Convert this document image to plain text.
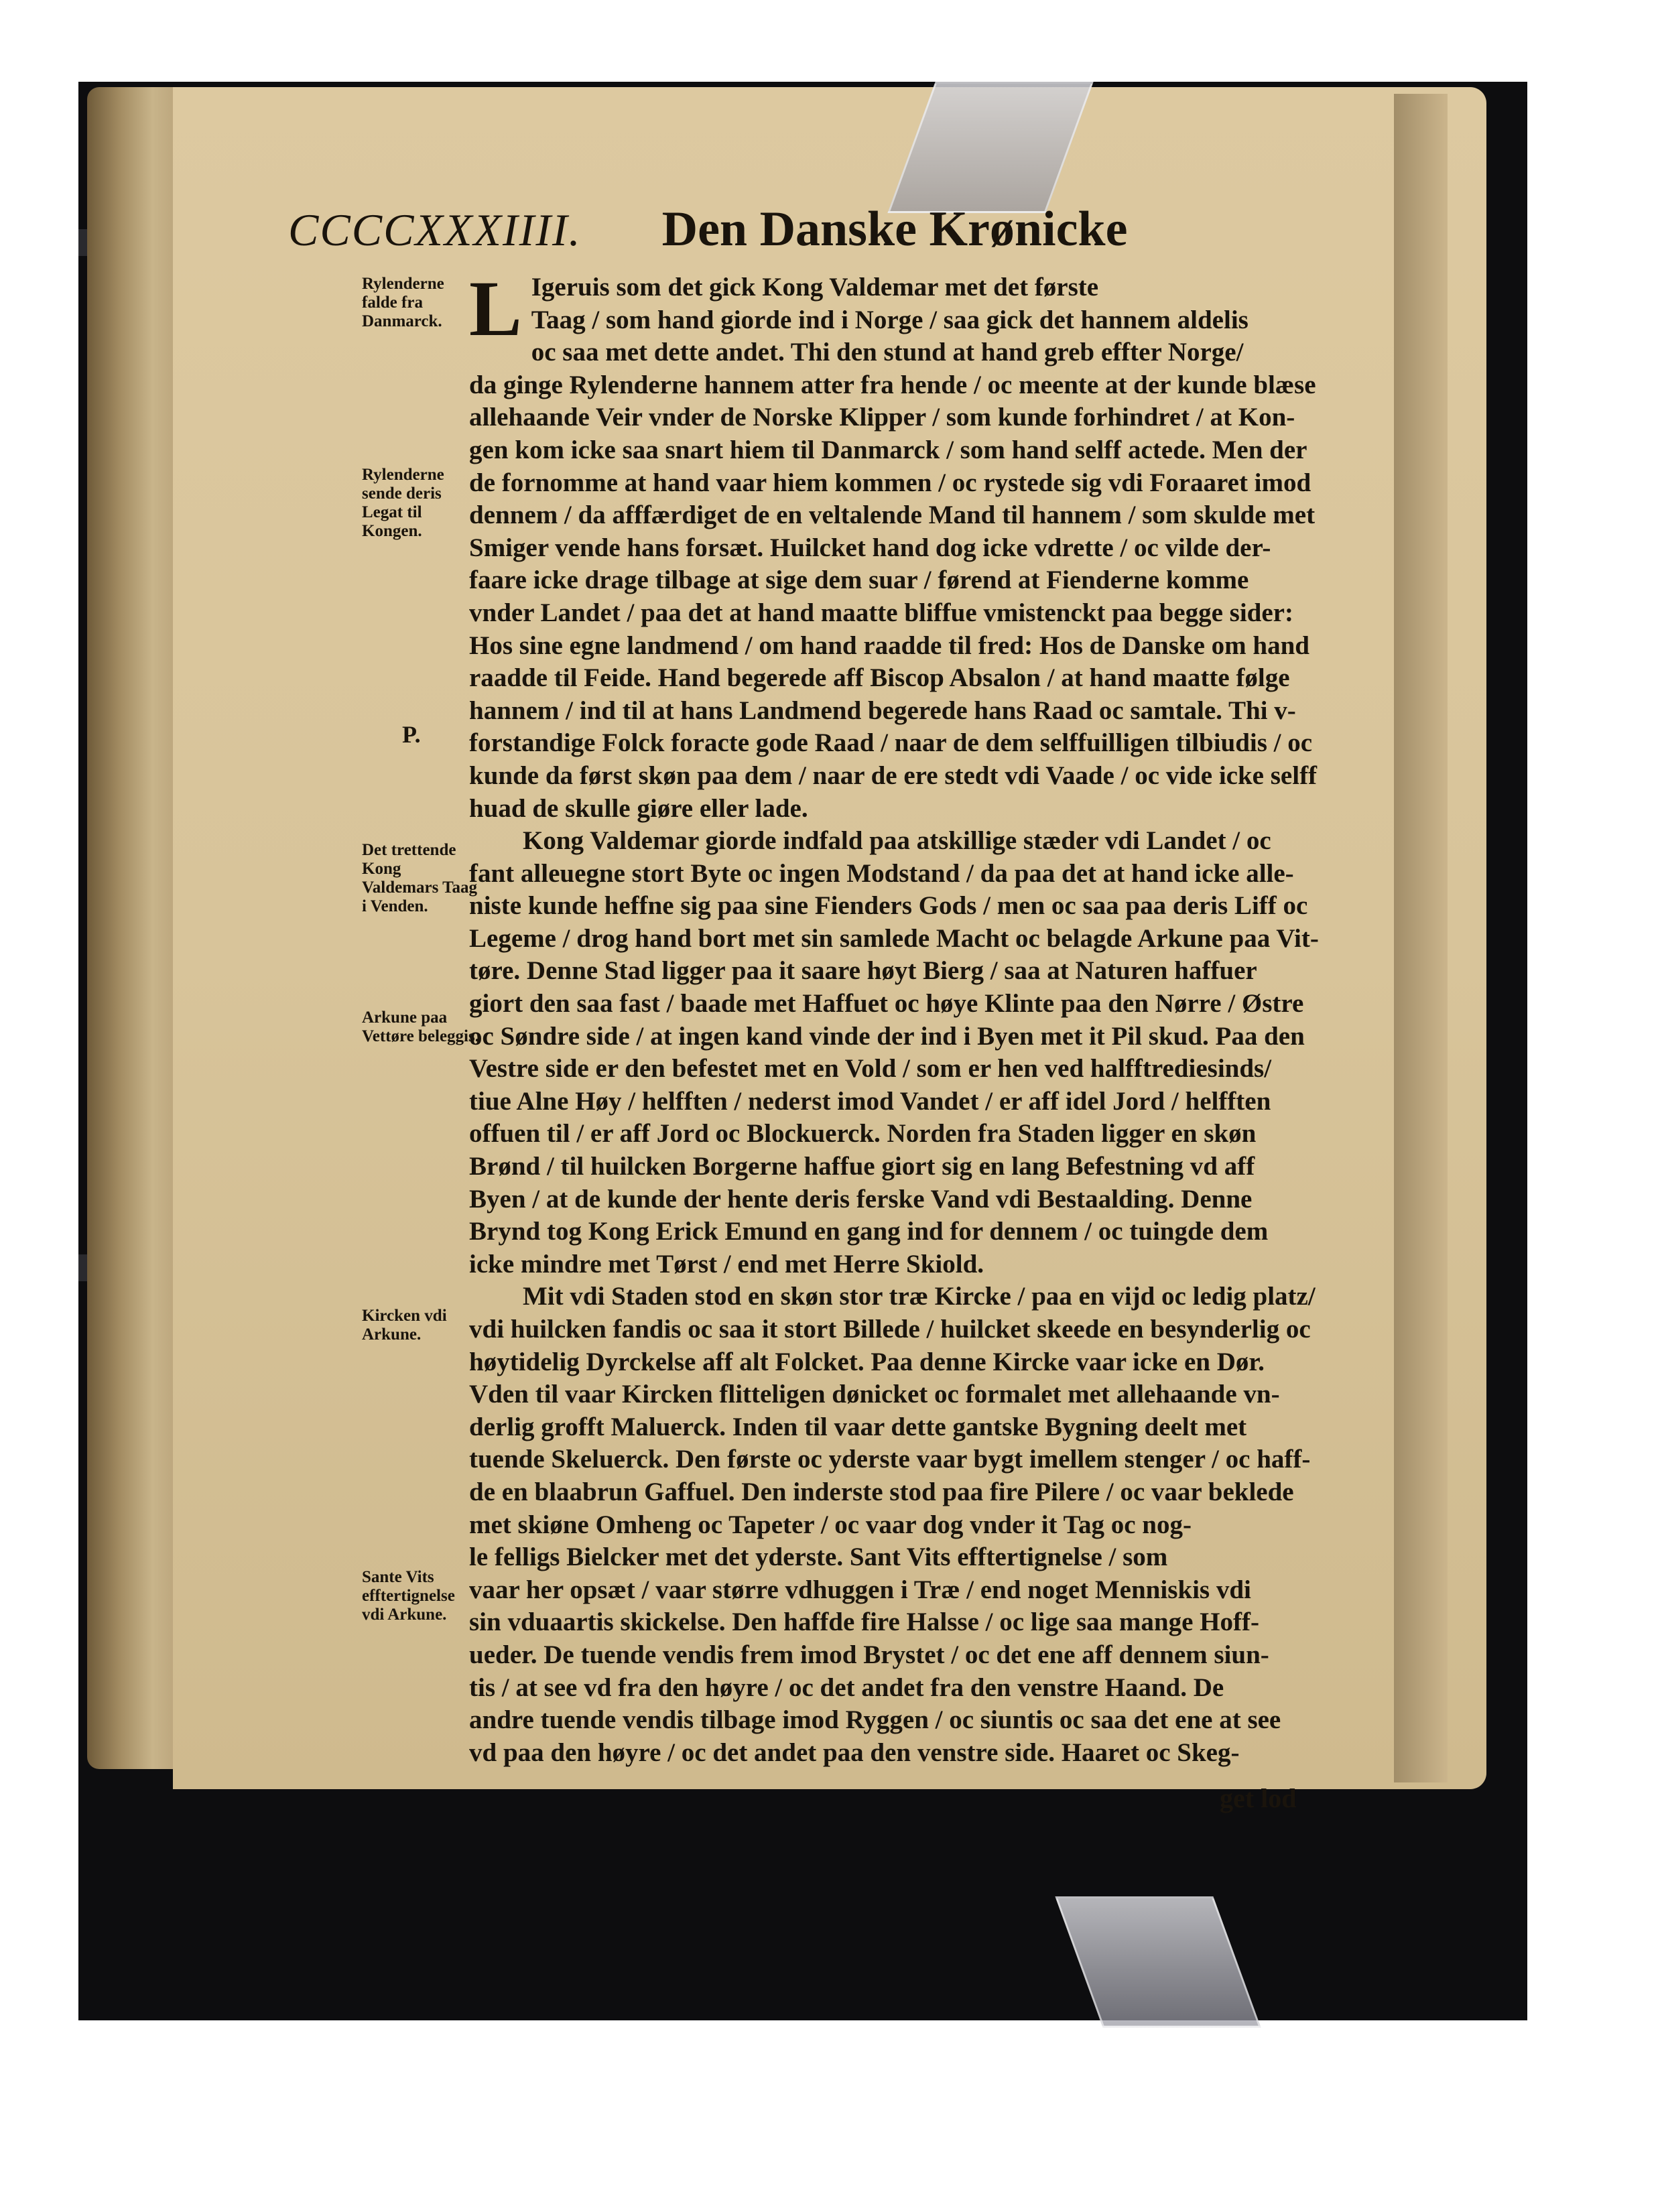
CCCCXXXIIII. Den Danske Krønicke
Rylenderne falde fra Danmarck.
Rylenderne sende deris Legat til Kongen.
P.
Det trettende Kong Valdemars Taag i Venden.
Arkune paa Vettøre beleggis.
Kircken vdi Arkune.
Sante Vits efftertignelse vdi Arkune.
L Igeruis som det gick Kong Valdemar met det første
Taag / som hand giorde ind i Norge / saa gick det hannem aldelis
oc saa met dette andet. Thi den stund at hand greb effter Norge/
da ginge Rylenderne hannem atter fra hende / oc meente at der kunde blæse
allehaande Veir vnder de Norske Klipper / som kunde forhindret / at Kon-
gen kom icke saa snart hiem til Danmarck / som hand selff actede. Men der
de fornomme at hand vaar hiem kommen / oc rystede sig vdi Foraaret imod
dennem / da afffærdiget de en veltalende Mand til hannem / som skulde met
Smiger vende hans forsæt. Huilcket hand dog icke vdrette / oc vilde der-
faare icke drage tilbage at sige dem suar / førend at Fienderne komme
vnder Landet / paa det at hand maatte bliffue vmistenckt paa begge sider:
Hos sine egne landmend / om hand raadde til fred: Hos de Danske om hand
raadde til Feide. Hand begerede aff Biscop Absalon / at hand maatte følge
hannem / ind til at hans Landmend begerede hans Raad oc samtale. Thi v-
forstandige Folck foracte gode Raad / naar de dem selffuilligen tilbiudis / oc
kunde da først skøn paa dem / naar de ere stedt vdi Vaade / oc vide icke selff
huad de skulle giøre eller lade.
Kong Valdemar giorde indfald paa atskillige stæder vdi Landet / oc
fant alleuegne stort Byte oc ingen Modstand / da paa det at hand icke alle-
niste kunde heffne sig paa sine Fienders Gods / men oc saa paa deris Liff oc
Legeme / drog hand bort met sin samlede Macht oc belagde Arkune paa Vit-
tøre. Denne Stad ligger paa it saare høyt Bierg / saa at Naturen haffuer
giort den saa fast / baade met Haffuet oc høye Klinte paa den Nørre / Østre
oc Søndre side / at ingen kand vinde der ind i Byen met it Pil skud. Paa den
Vestre side er den befestet met en Vold / som er hen ved halfftrediesinds/
tiue Alne Høy / helfften / nederst imod Vandet / er aff idel Jord / helfften
offuen til / er aff Jord oc Blockuerck. Norden fra Staden ligger en skøn
Brønd / til huilcken Borgerne haffue giort sig en lang Befestning vd aff
Byen / at de kunde der hente deris ferske Vand vdi Bestaalding. Denne
Brynd tog Kong Erick Emund en gang ind for dennem / oc tuingde dem
icke mindre met Tørst / end met Herre Skiold.
Mit vdi Staden stod en skøn stor træ Kircke / paa en vijd oc ledig platz/
vdi huilcken fandis oc saa it stort Billede / huilcket skeede en besynderlig oc
høytidelig Dyrckelse aff alt Folcket. Paa denne Kircke vaar icke en Dør.
Vden til vaar Kircken flitteligen dønicket oc formalet met allehaande vn-
derlig grofft Maluerck. Inden til vaar dette gantske Bygning deelt met
tuende Skeluerck. Den første oc yderste vaar bygt imellem stenger / oc haff-
de en blaabrun Gaffuel. Den inderste stod paa fire Pilere / oc vaar beklede
met skiøne Omheng oc Tapeter / oc vaar dog vnder it Tag oc nog-
le felligs Bielcker met det yderste. Sant Vits efftertignelse / som
vaar her opsæt / vaar større vdhuggen i Træ / end noget Menniskis vdi
sin vduaartis skickelse. Den haffde fire Halsse / oc lige saa mange Hoff-
ueder. De tuende vendis frem imod Brystet / oc det ene aff dennem siun-
tis / at see vd fra den høyre / oc det andet fra den venstre Haand. De
andre tuende vendis tilbage imod Ryggen / oc siuntis oc saa det ene at see
vd paa den høyre / oc det andet paa den venstre side. Haaret oc Skeg-
get lod
Early European Books, Copyright © 2010 ProQuest LLC.
Images reproduced by courtesy of the Royal Library, Copenhagen.
Vilh. Bruuns Samling (LN 1451 2° copy 5)
